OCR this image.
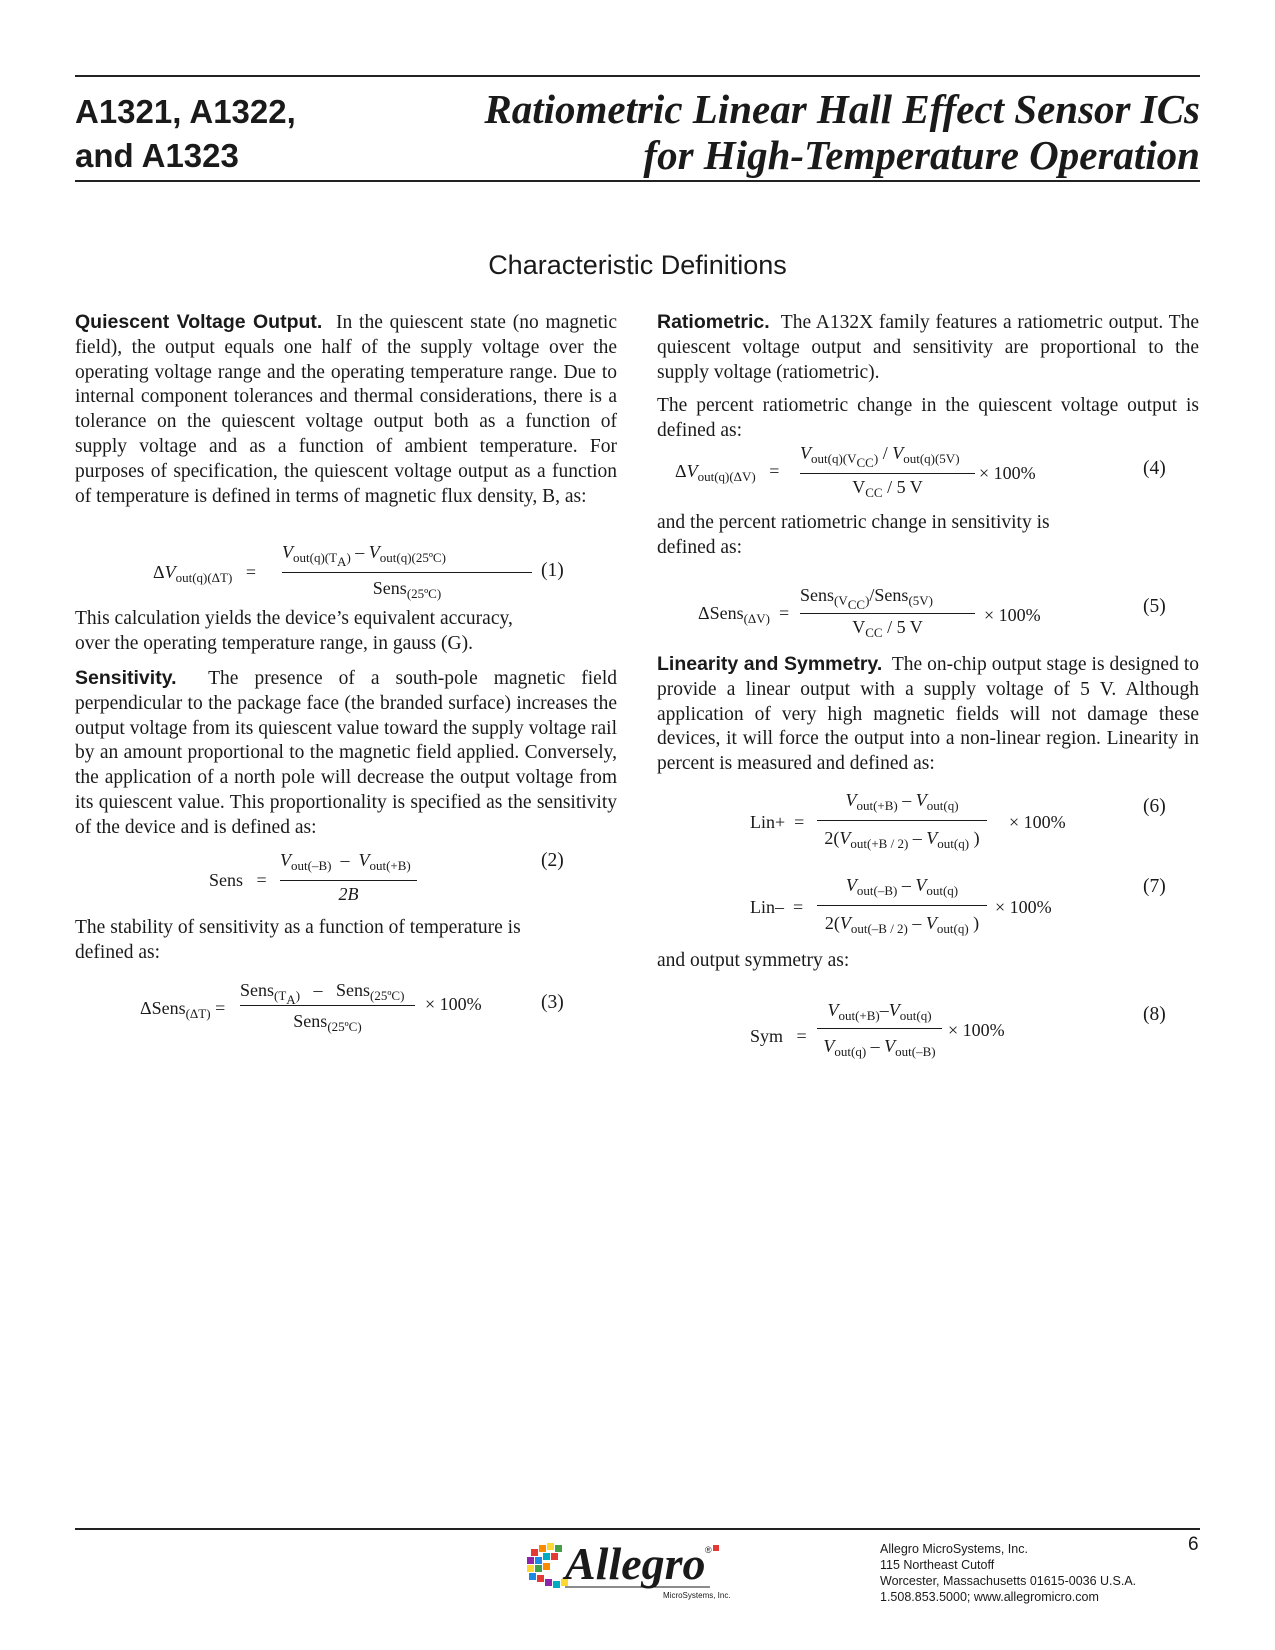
A1321, A1322,
and A1323
Ratiometric Linear Hall Effect Sensor ICs
for High-Temperature Operation
Characteristic Definitions
Quiescent Voltage Output. In the quiescent state (no magnetic field), the output equals one half of the supply voltage over the operating voltage range and the operating temperature range. Due to internal component tolerances and thermal considerations, there is a tolerance on the quiescent voltage output both as a function of supply voltage and as a function of ambient temperature. For purposes of specification, the quiescent voltage output as a function of temperature is defined in terms of magnetic flux density, B, as:
$\Delta V_{out(q)(\Delta T)}$   =
$V_{out(q)(T_A)} - V_{out(q)(25ºC)}$
Sens$_{(25ºC)}$
(1)
This calculation yields the device’s equivalent accuracy, over the operating temperature range, in gauss (G).
Sensitivity. The presence of a south-pole magnetic field perpendicular to the package face (the branded surface) increases the output voltage from its quiescent value toward the supply voltage rail by an amount proportional to the magnetic field applied. Conversely, the application of a north pole will decrease the output voltage from its quiescent value. This proportionality is specified as the sensitivity of the device and is defined as:
Sens =
$V_{out(-B)} - V_{out(+B)}$
2B
(2)
The stability of sensitivity as a function of temperature is defined as:
ΔSens$_{(\Delta T)}$ =
Sens$_{(T_A)}$   –   Sens$_{(25ºC)}$
Sens$_{(25ºC)}$
× 100%	(3)
Ratiometric. The A132X family features a ratiometric output. The quiescent voltage output and sensitivity are proportional to the supply voltage (ratiometric).
The percent ratiometric change in the quiescent voltage output is defined as:
$\Delta V_{out(q)(\Delta V)}$   =
$V_{out(q)(V_{CC})} / V_{out(q)(5V)}$
$V_{CC} / 5$ V
× 100%	(4)
and the percent ratiometric change in sensitivity is defined as:
ΔSens$_{(\Delta V)}$  =
Sens$_{(V_{CC})}$/Sens$_{(5V)}$
$V_{CC} / 5$ V
× 100%	(5)
Linearity and Symmetry. The on-chip output stage is designed to provide a linear output with a supply voltage of 5 V. Although application of very high magnetic fields will not damage these devices, it will force the output into a non-linear region. Linearity in percent is measured and defined as:
Lin+ =
$V_{out(+B)} - V_{out(q)}$
$2(V_{out(+B / 2)} - V_{out(q)}$ )
× 100%
(6)
Lin– =
$V_{out(-B)} - V_{out(q)}$
$2(V_{out(-B / 2)} - V_{out(q)}$ )
× 100%
(7)
and output symmetry as:
Sym =
$V_{out(+B)}-V_{out(q)}$
$V_{out(q)} - V_{out(-B)}$
× 100%
(8)
Allegro ®
MicroSystems, Inc.
Allegro MicroSystems, Inc.
115 Northeast Cutoff
Worcester, Massachusetts 01615-0036 U.S.A.
1.508.853.5000; www.allegromicro.com
6
